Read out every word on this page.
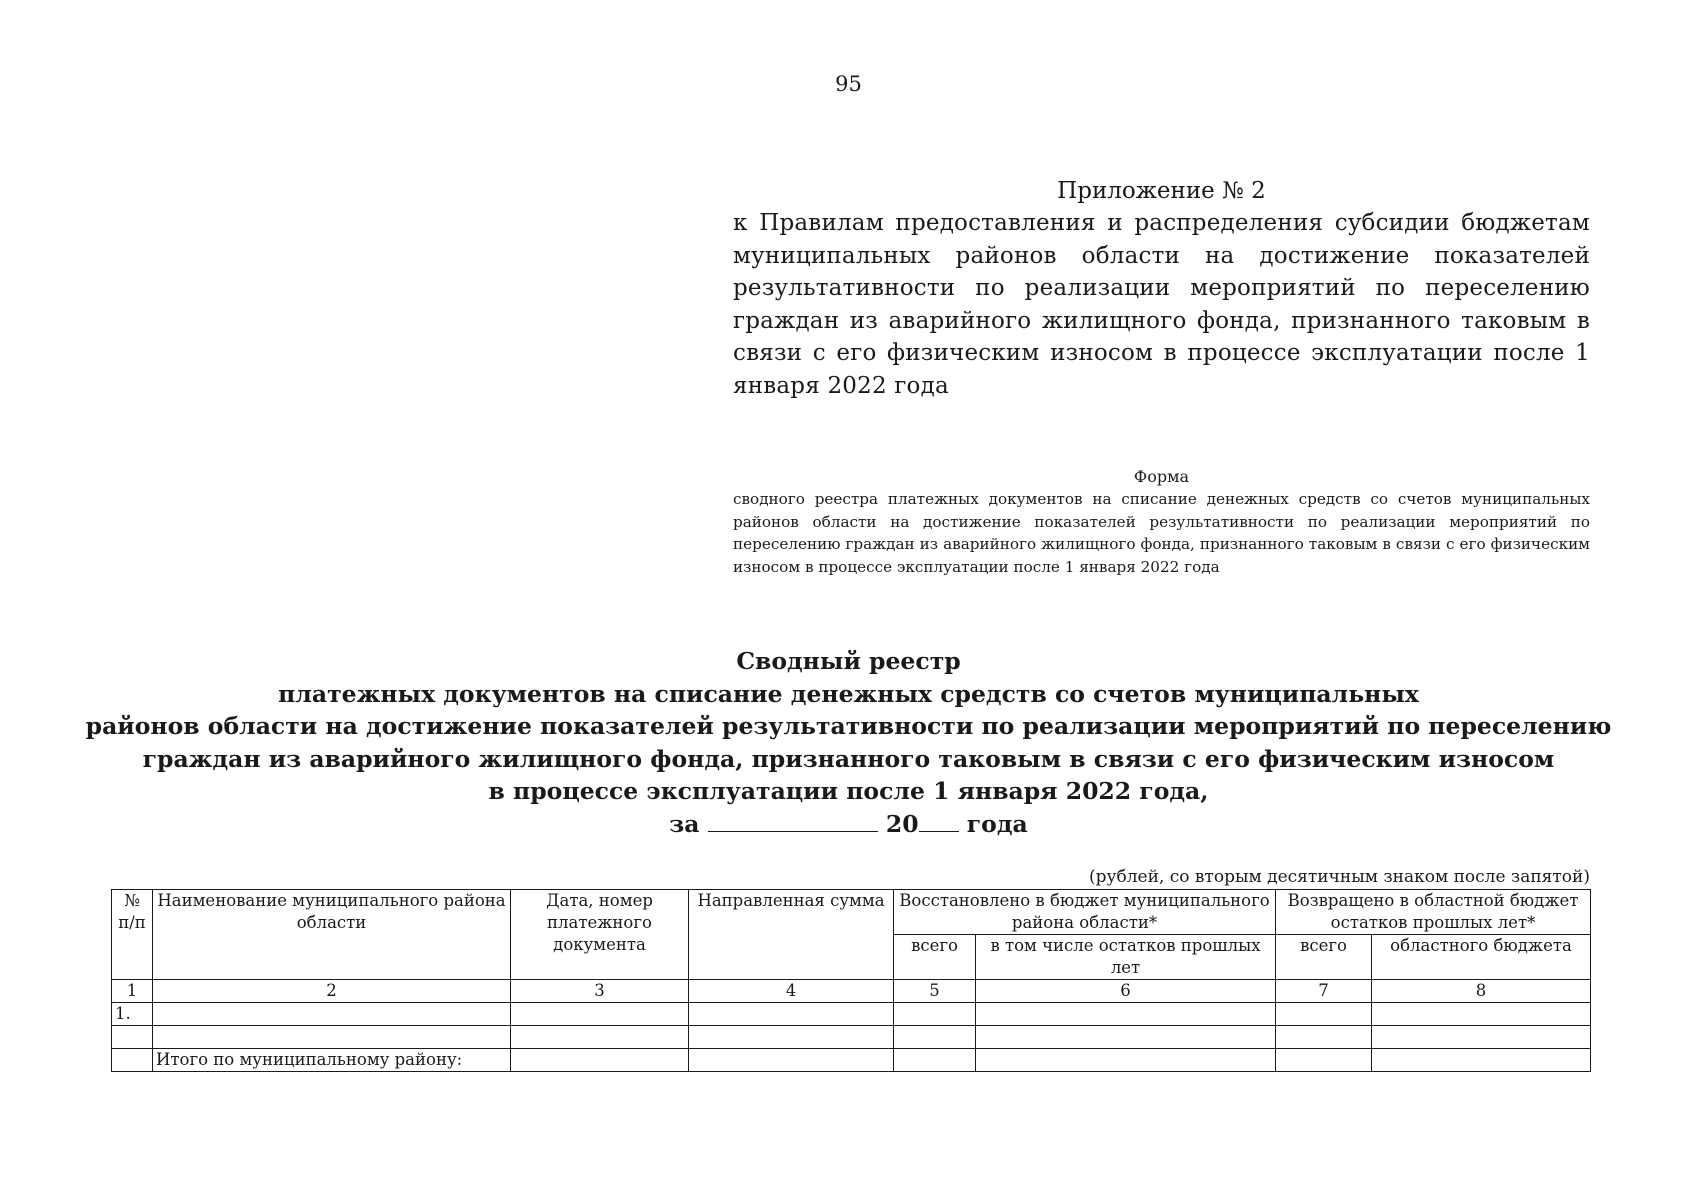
95
Приложение № 2
к Правилам предоставления и распределения субсидии бюджетам муниципальных районов области на достижение показателей результативности по реализации мероприятий по переселению граждан из аварийного жилищного фонда, признанного таковым в связи с его физическим износом в процессе эксплуатации после 1 января 2022 года
Форма
сводного реестра платежных документов на списание денежных средств со счетов муниципальных районов области на достижение показателей результативности по реализации мероприятий по переселению граждан из аварийного жилищного фонда, признанного таковым в связи с его физическим износом в процессе эксплуатации после 1 января 2022 года
Сводный реестр
платежных документов на списание денежных средств со счетов муниципальных
районов области на достижение показателей результативности по реализации мероприятий по переселению
граждан из аварийного жилищного фонда, признанного таковым в связи с его физическим износом
в процессе эксплуатации после 1 января 2022 года,
за	20 года
(рублей, со вторым десятичным знаком после запятой)
№ п/п	Наименование муниципального района области	Дата, номер платежного документа	Направленная сумма	Восстановлено в бюджет муниципального района области*		Возвращено в областной бюджет остатков прошлых лет*	
				всего	в том числе остатков прошлых лет	всего	областного бюджета
1	2	3	4	5	6	7	8
1.							

	Итого по муниципальному району:						
